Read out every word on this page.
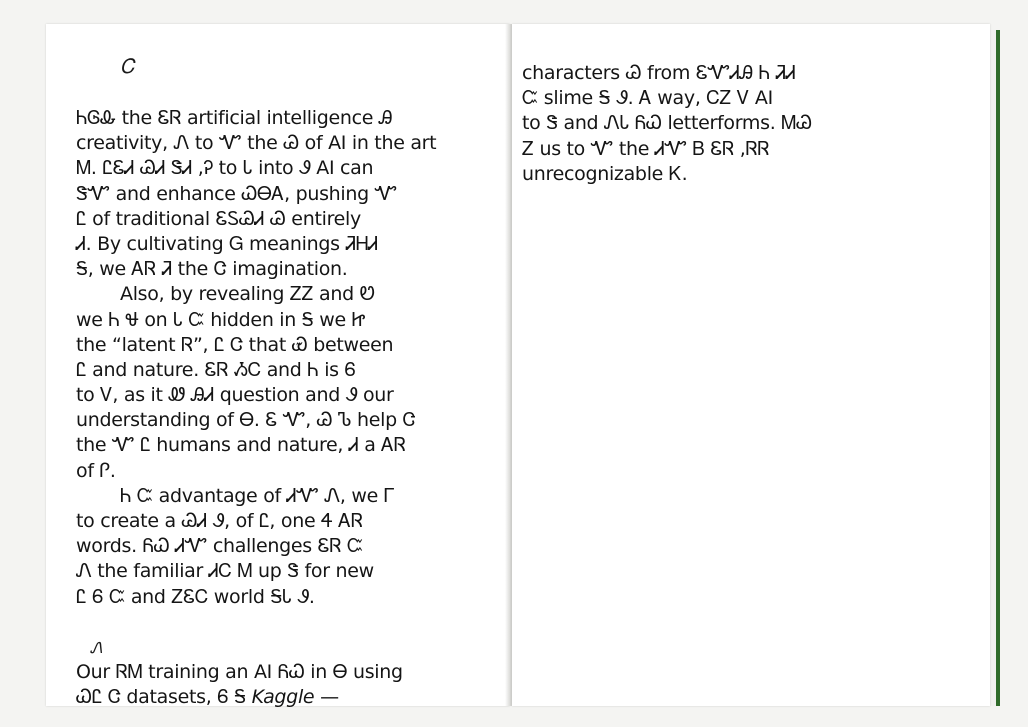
Ꮯ
ᏂᎶᎲ the ᏋᏒ artificial intelligence Ꭿ
creativity, Ꮑ to Ꮙ the Ꮚ of AI in the art
Ꮇ. ᏝᏋᏗ ᏊᏗ ᏕᏗ ,Ꭾ to Ꮣ into Ꮽ AI can
ᏕᏉ and enhance ᏇᎾᎪ, pushing Ꮙ
Ꮭ of traditional ᏋᏚᏊᏗ Ꮚ entirely
Ꮧ. By cultivating Ꮐ meanings ᏘᎻᏗ
Ꭶ, we ᎪᏒ Ꮨ the Ꮳ imagination.
Also, by revealing ᏃᏃ and Ꮼ
we Ꮒ Ꮰ on Ꮣ Ꮸ hidden in Ꭶ we Ꮵ
the “latent Ꮢ”, Ꮭ Ꮳ that Ꮿ between
Ꮭ and nature. ᏋᏒ ᏱᏟ and Ꮒ is Ꮾ
to Ꮩ, as it Ꮺ ᎯᏗ question and Ꮽ our
understanding of Ꮎ. Ꮛ Ꮙ, Ꮚ Ꮦ help Ꮳ
the Ꮙ Ꮭ humans and nature, Ꮧ a ᎪᏒ
of Ꮅ.
Ꮒ Ꮸ advantage of ᏗᏉ Ꮑ, we Ꮁ
to create a ᏊᏗ Ꮽ, of Ꮭ, one Ꮞ ᎪᏒ
words. ᏲᏇ ᏗᏉ challenges ᏋᏒ Ꮸ
Ꮑ the familiar ᏗᏟ Ꮇ up Ꮥ for new
Ꮭ Ꮾ Ꮸ and ᏃᏋᏟ world ᎦᏓ Ꮽ.
Ꮑ
Our ᏒᎷ training an AI ᏲᏇ in Ꮎ using
ᏇᏝ Ꮳ datasets, Ꮾ Ꭶ Kaggle —
characters Ꮚ from ᏋᏉᏗᎯ Ꮒ ᏘᏗ
Ꮸ slime Ꭶ Ꮽ. Ꭺ way, ᏟᏃ Ꮩ AI
to Ꮥ and ᏁᏓ ᏲᏇ letterforms. ᎷᏊ
Ꮓ us to Ꮙ the ᏗᏉ Ᏼ ᏋᏒ ,ᏒᏒ
unrecognizable Ꮶ.
